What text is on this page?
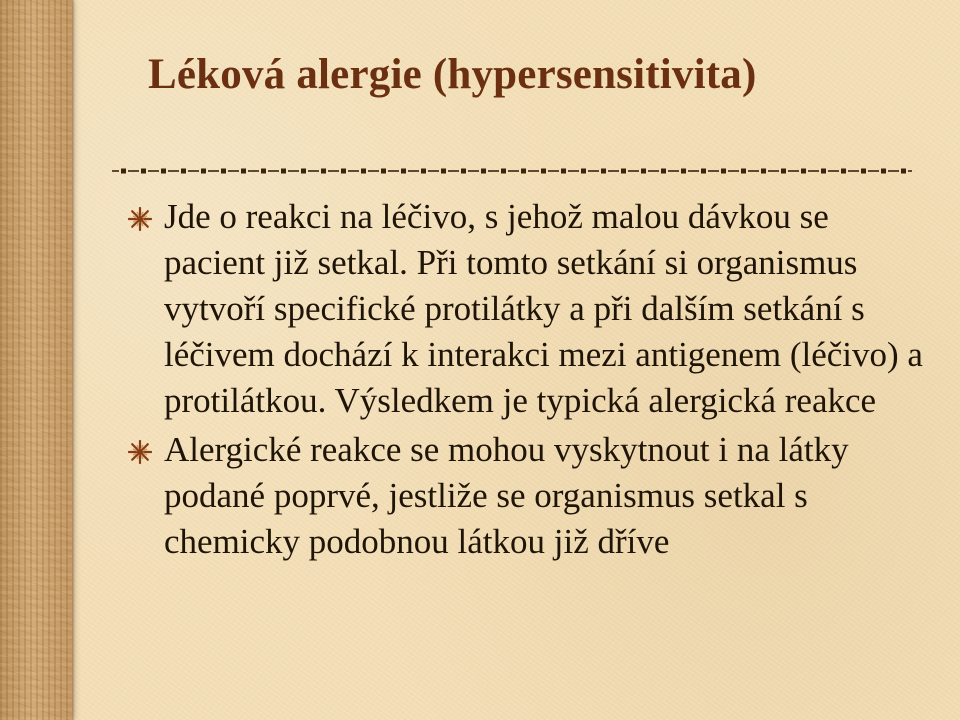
Léková alergie (hypersensitivita)
Jde o reakci na léčivo, s jehož malou dávkou se pacient již setkal. Při tomto setkání si organismus vytvoří specifické protilátky a při dalším setkání s léčivem dochází k interakci mezi antigenem (léčivo) a protilátkou. Výsledkem je typická alergická reakce
Alergické reakce se mohou vyskytnout i na látky podané poprvé, jestliže se organismus setkal s chemicky podobnou látkou již dříve
